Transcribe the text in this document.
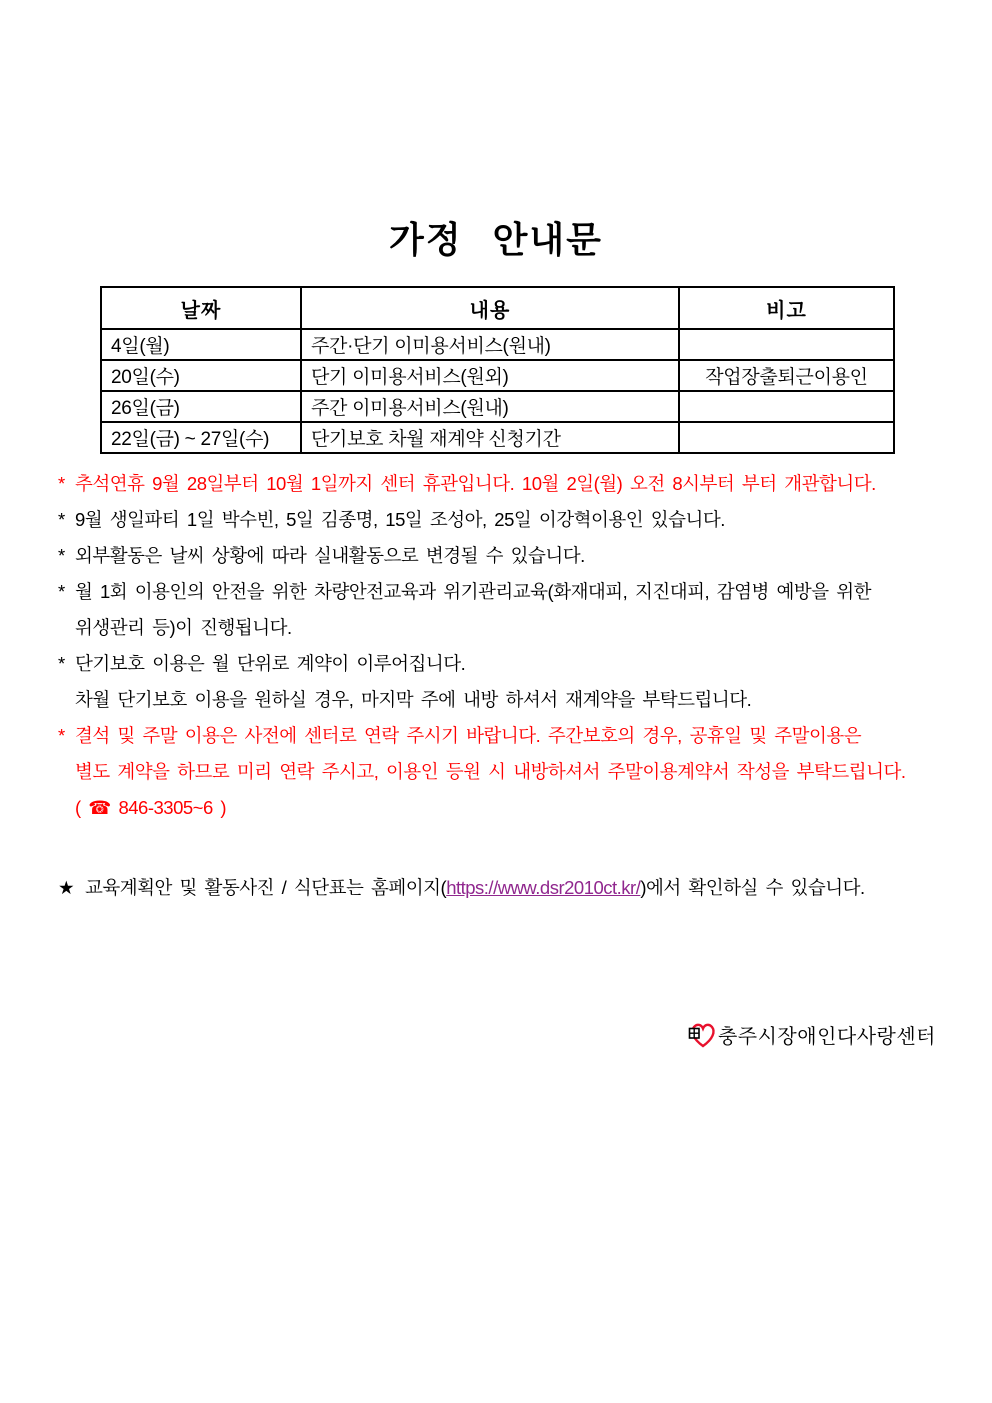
가정 안내문
날짜	내용	비고
4일(월)	주간·단기 이미용서비스(원내)	
20일(수)	단기 이미용서비스(원외)	작업장출퇴근이용인
26일(금)	주간 이미용서비스(원내)	
22일(금) ~ 27일(수)	단기보호 차월 재계약 신청기간	
* 추석연휴 9월 28일부터 10월 1일까지 센터 휴관입니다. 10월 2일(월) 오전 8시부터 부터 개관합니다.
* 9월 생일파티 1일 박수빈, 5일 김종명, 15일 조성아, 25일 이강혁이용인 있습니다.
* 외부활동은 날씨 상황에 따라 실내활동으로 변경될 수 있습니다.
* 월 1회 이용인의 안전을 위한 차량안전교육과 위기관리교육(화재대피, 지진대피, 감염병 예방을 위한
위생관리 등)이 진행됩니다.
* 단기보호 이용은 월 단위로 계약이 이루어집니다.
차월 단기보호 이용을 원하실 경우, 마지막 주에 내방 하셔서 재계약을 부탁드립니다.
* 결석 및 주말 이용은 사전에 센터로 연락 주시기 바랍니다. 주간보호의 경우, 공휴일 및 주말이용은
별도 계약을 하므로 미리 연락 주시고, 이용인 등원 시 내방하셔서 주말이용계약서 작성을 부탁드립니다.
( ☎ 846-3305~6 )
★ 교육계획안 및 활동사진 / 식단표는 홈페이지(https://www.dsr2010ct.kr/)에서 확인하실 수 있습니다.
충주시장애인다사랑센터
